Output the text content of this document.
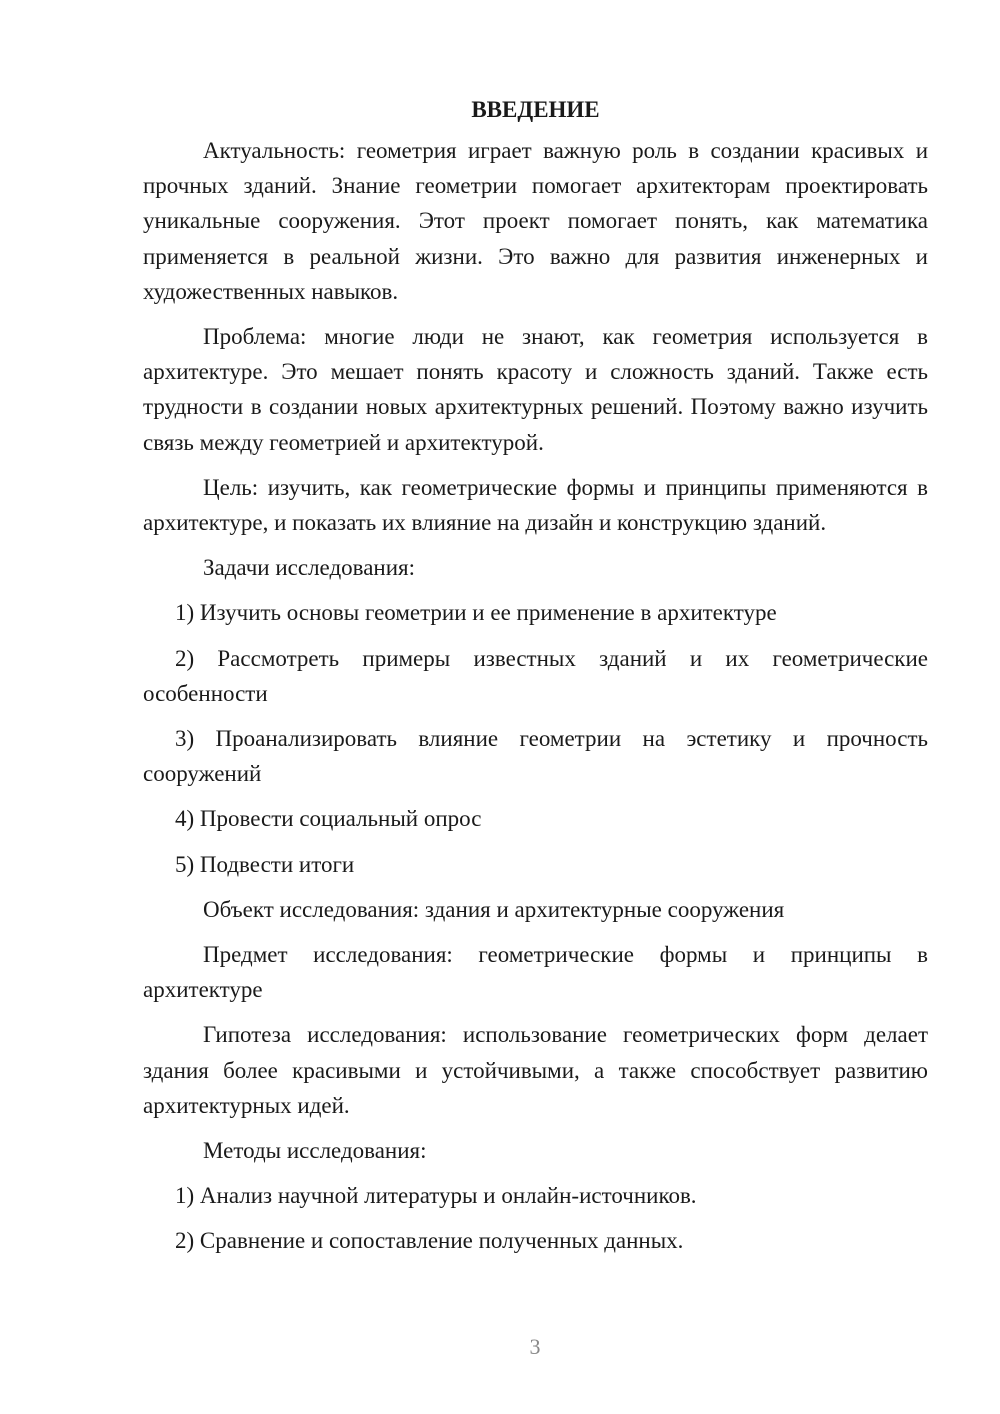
ВВЕДЕНИЕ

Актуальность: геометрия играет важную роль в создании красивых и прочных зданий. Знание геометрии помогает архитекторам проектировать уникальные сооружения. Этот проект помогает понять, как математика применяется в реальной жизни. Это важно для развития инженерных и художественных навыков.

Проблема: многие люди не знают, как геометрия используется в архитектуре. Это мешает понять красоту и сложность зданий. Также есть трудности в создании новых архитектурных решений. Поэтому важно изучить связь между геометрией и архитектурой.

Цель: изучить, как геометрические формы и принципы применяются в архитектуре, и показать их влияние на дизайн и конструкцию зданий.

Задачи исследования:

1) Изучить основы геометрии и ее применение в архитектуре

2) Рассмотреть примеры известных зданий и их геометрические особенности

3) Проанализировать влияние геометрии на эстетику и прочность сооружений

4) Провести социальный опрос

5) Подвести итоги

Объект исследования: здания и архитектурные сооружения

Предмет исследования: геометрические формы и принципы в архитектуре

Гипотеза исследования: использование геометрических форм делает здания более красивыми и устойчивыми, а также способствует развитию архитектурных идей.

Методы исследования:

1) Анализ научной литературы и онлайн-источников.

2) Сравнение и сопоставление полученных данных.

3
